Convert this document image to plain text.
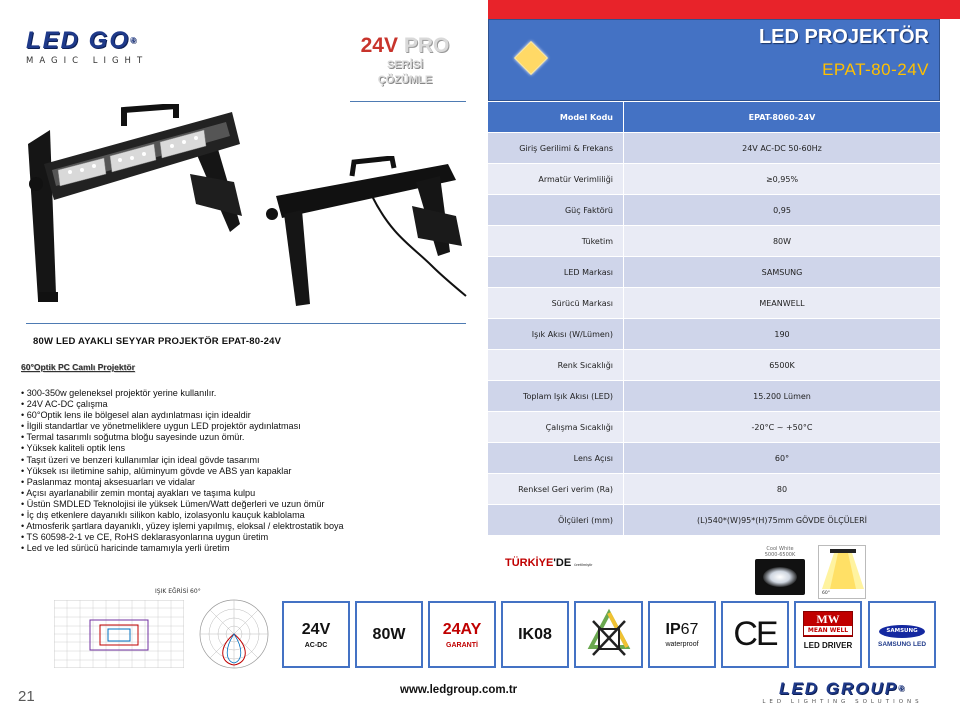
LED GO®
MAGIC LIGHT
24V PRO
SERİSİ
ÇÖZÜMLE
80W LED AYAKLI SEYYAR PROJEKTÖR EPAT-80-24V
60°Optik PC Camlı Projektör
• 300-350w geleneksel projektör yerine kullanılır.
• 24V AC-DC çalışma
• 60°Optik lens ile bölgesel alan aydınlatması için idealdir
• İlgili standartlar ve yönetmeliklere uygun LED projektör aydınlatması
• Termal tasarımlı soğutma bloğu sayesinde uzun ömür.
• Yüksek kaliteli optik lens
• Taşıt üzeri ve benzeri kullanımlar için ideal gövde tasarımı
• Yüksek ısı iletimine sahip, alüminyum gövde ve ABS yan kapaklar
• Paslanmaz montaj aksesuarları ve vidalar
• Açısı ayarlanabilir zemin montaj ayakları ve taşıma kulpu
• Üstün SMDLED Teknolojisi ile yüksek Lümen/Watt değerleri ve uzun ömür
• İç dış etkenlere dayanıklı silikon kablo, izolasyonlu kauçuk kablolama
• Atmosferik şartlara dayanıklı, yüzey işlemi yapılmış, eloksal / elektrostatik boya
• TS 60598-2-1 ve CE, RoHS deklarasyonlarına uygun üretim
• Led ve led sürücü haricinde tamamıyla yerli üretim
LED PROJEKTÖR
EPAT-80-24V
Model Kodu	EPAT-8060-24V
Giriş Gerilimi & Frekans	24V AC-DC 50-60Hz
Armatür Verimliliği	≥0,95%
Güç Faktörü	0,95
Tüketim	80W
LED Markası	SAMSUNG
Sürücü Markası	MEANWELL
Işık Akısı (W/Lümen)	190
Renk Sıcaklığı	6500K
Toplam Işık Akısı (LED)	15.200 Lümen
Çalışma Sıcaklığı	-20°C ~ +50°C
Lens Açısı	60°
Renksel Geri verim (Ra)	80
Ölçüleri (mm)	(L)540*(W)95*(H)75mm GÖVDE ÖLÇÜLERİ
TÜRKİYE'DE üretilmiştir
Cool White
5000-6500K
60°
IŞIK EĞRİSİ 60°
24V
AC-DC
80W	24AY
GARANTİ
IK08	IP67
waterproof	CE	MW
MEAN WELL
LED DRIVER
SAMSUNG
SAMSUNG LED
www.ledgroup.com.tr
21	LED GROUP®
LED LIGHTING SOLUTIONS
